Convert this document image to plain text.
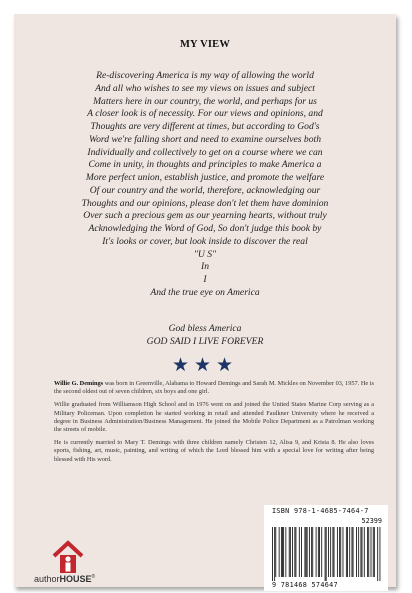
MY VIEW
Re-discovering America is my way of allowing the world
And all who wishes to see my views on issues and subject
Matters here in our country, the world, and perhaps for us
A closer look is of necessity. For our views and opinions, and
Thoughts are very different at times, but according to God's
Word we're falling short and need to examine ourselves both
Individually and collectively to get on a course where we can
Come in unity, in thoughts and principles to make America a
More perfect union, establish justice, and promote the welfare
Of our country and the world, therefore, acknowledging our
Thoughts and our opinions, please don't let them have dominion
Over such a precious gem as our yearning hearts, without truly
Acknowledging the Word of God, So don't judge this book by
It's looks or cover, but look inside to discover the real
"U S"
In
I
And the true eye on America
God bless America
GOD SAID I LIVE FOREVER
★★★

Willie G. Demings was born in Greenville, Alabama to Howard Demings and Sarah M. Mickles on November 03, 1957. He is the second oldest out of seven children, six boys and one girl.

Willie graduated from Williamson High School and in 1976 went on and joined the United States Marine Corp serving as a Military Policeman. Upon completion he started working in retail and attended Faulkner University where he received a degree in Business Administration/Business Management. He joined the Mobile Police Department as a Patrolman working the streets of mobile.

He is currently married to Mary T. Demings with three children namely Christen 12, Alisa 9, and Krista 8. He also loves sports, fishing, art, music, painting, and writing of which the Lord blessed him with a special love for writing after being blessed with His word.

authorHOUSE®
ISBN 978-1-4685-7464-7
52399
9 781468 574647
